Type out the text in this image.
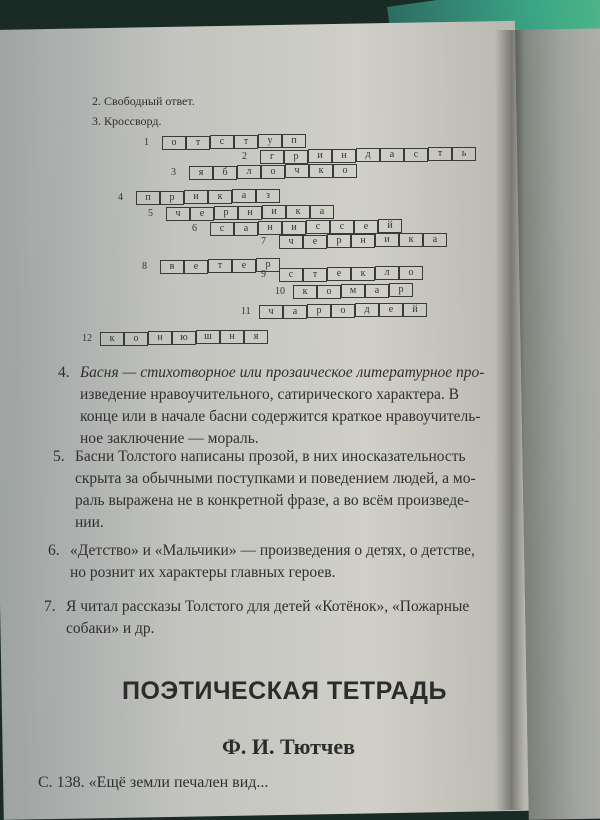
2. Свободный ответ.
3. Кроссворд.
1	о	т	с	т	у	п
2	г	р	и	н	д	а	с	т	ь
3	я	б	л	о	ч	к	о
4	п	р	и	к	а	з
5	ч	е	р	н	и	к	а
6	с	а	н	и	с	с	е	й
7	ч	е	р	н	и	к	а
8	в	е	т	е	р
9	с	т	е	к	л	о
10	к	о	м	а	р
11	ч	а	р	о	д	е	й
12	к	о	н	ю	ш	н	я
4. Басня — стихотворное или прозаическое литературное про-
изведение нравоучительного, сатирического характера. В
конце или в начале басни содержится краткое нравоучитель-
ное заключение — мораль.
5. Басни Толстого написаны прозой, в них иносказательность
скрыта за обычными поступками и поведением людей, а мо-
раль выражена не в конкретной фразе, а во всём произведе-
нии.
6. «Детство» и «Мальчики» — произведения о детях, о детстве,
но рознит их характеры главных героев.
7. Я читал рассказы Толстого для детей «Котёнок», «Пожарные
собаки» и др.
ПОЭТИЧЕСКАЯ ТЕТРАДЬ
Ф. И. Тютчев
С. 138. «Ещё земли печален вид...
